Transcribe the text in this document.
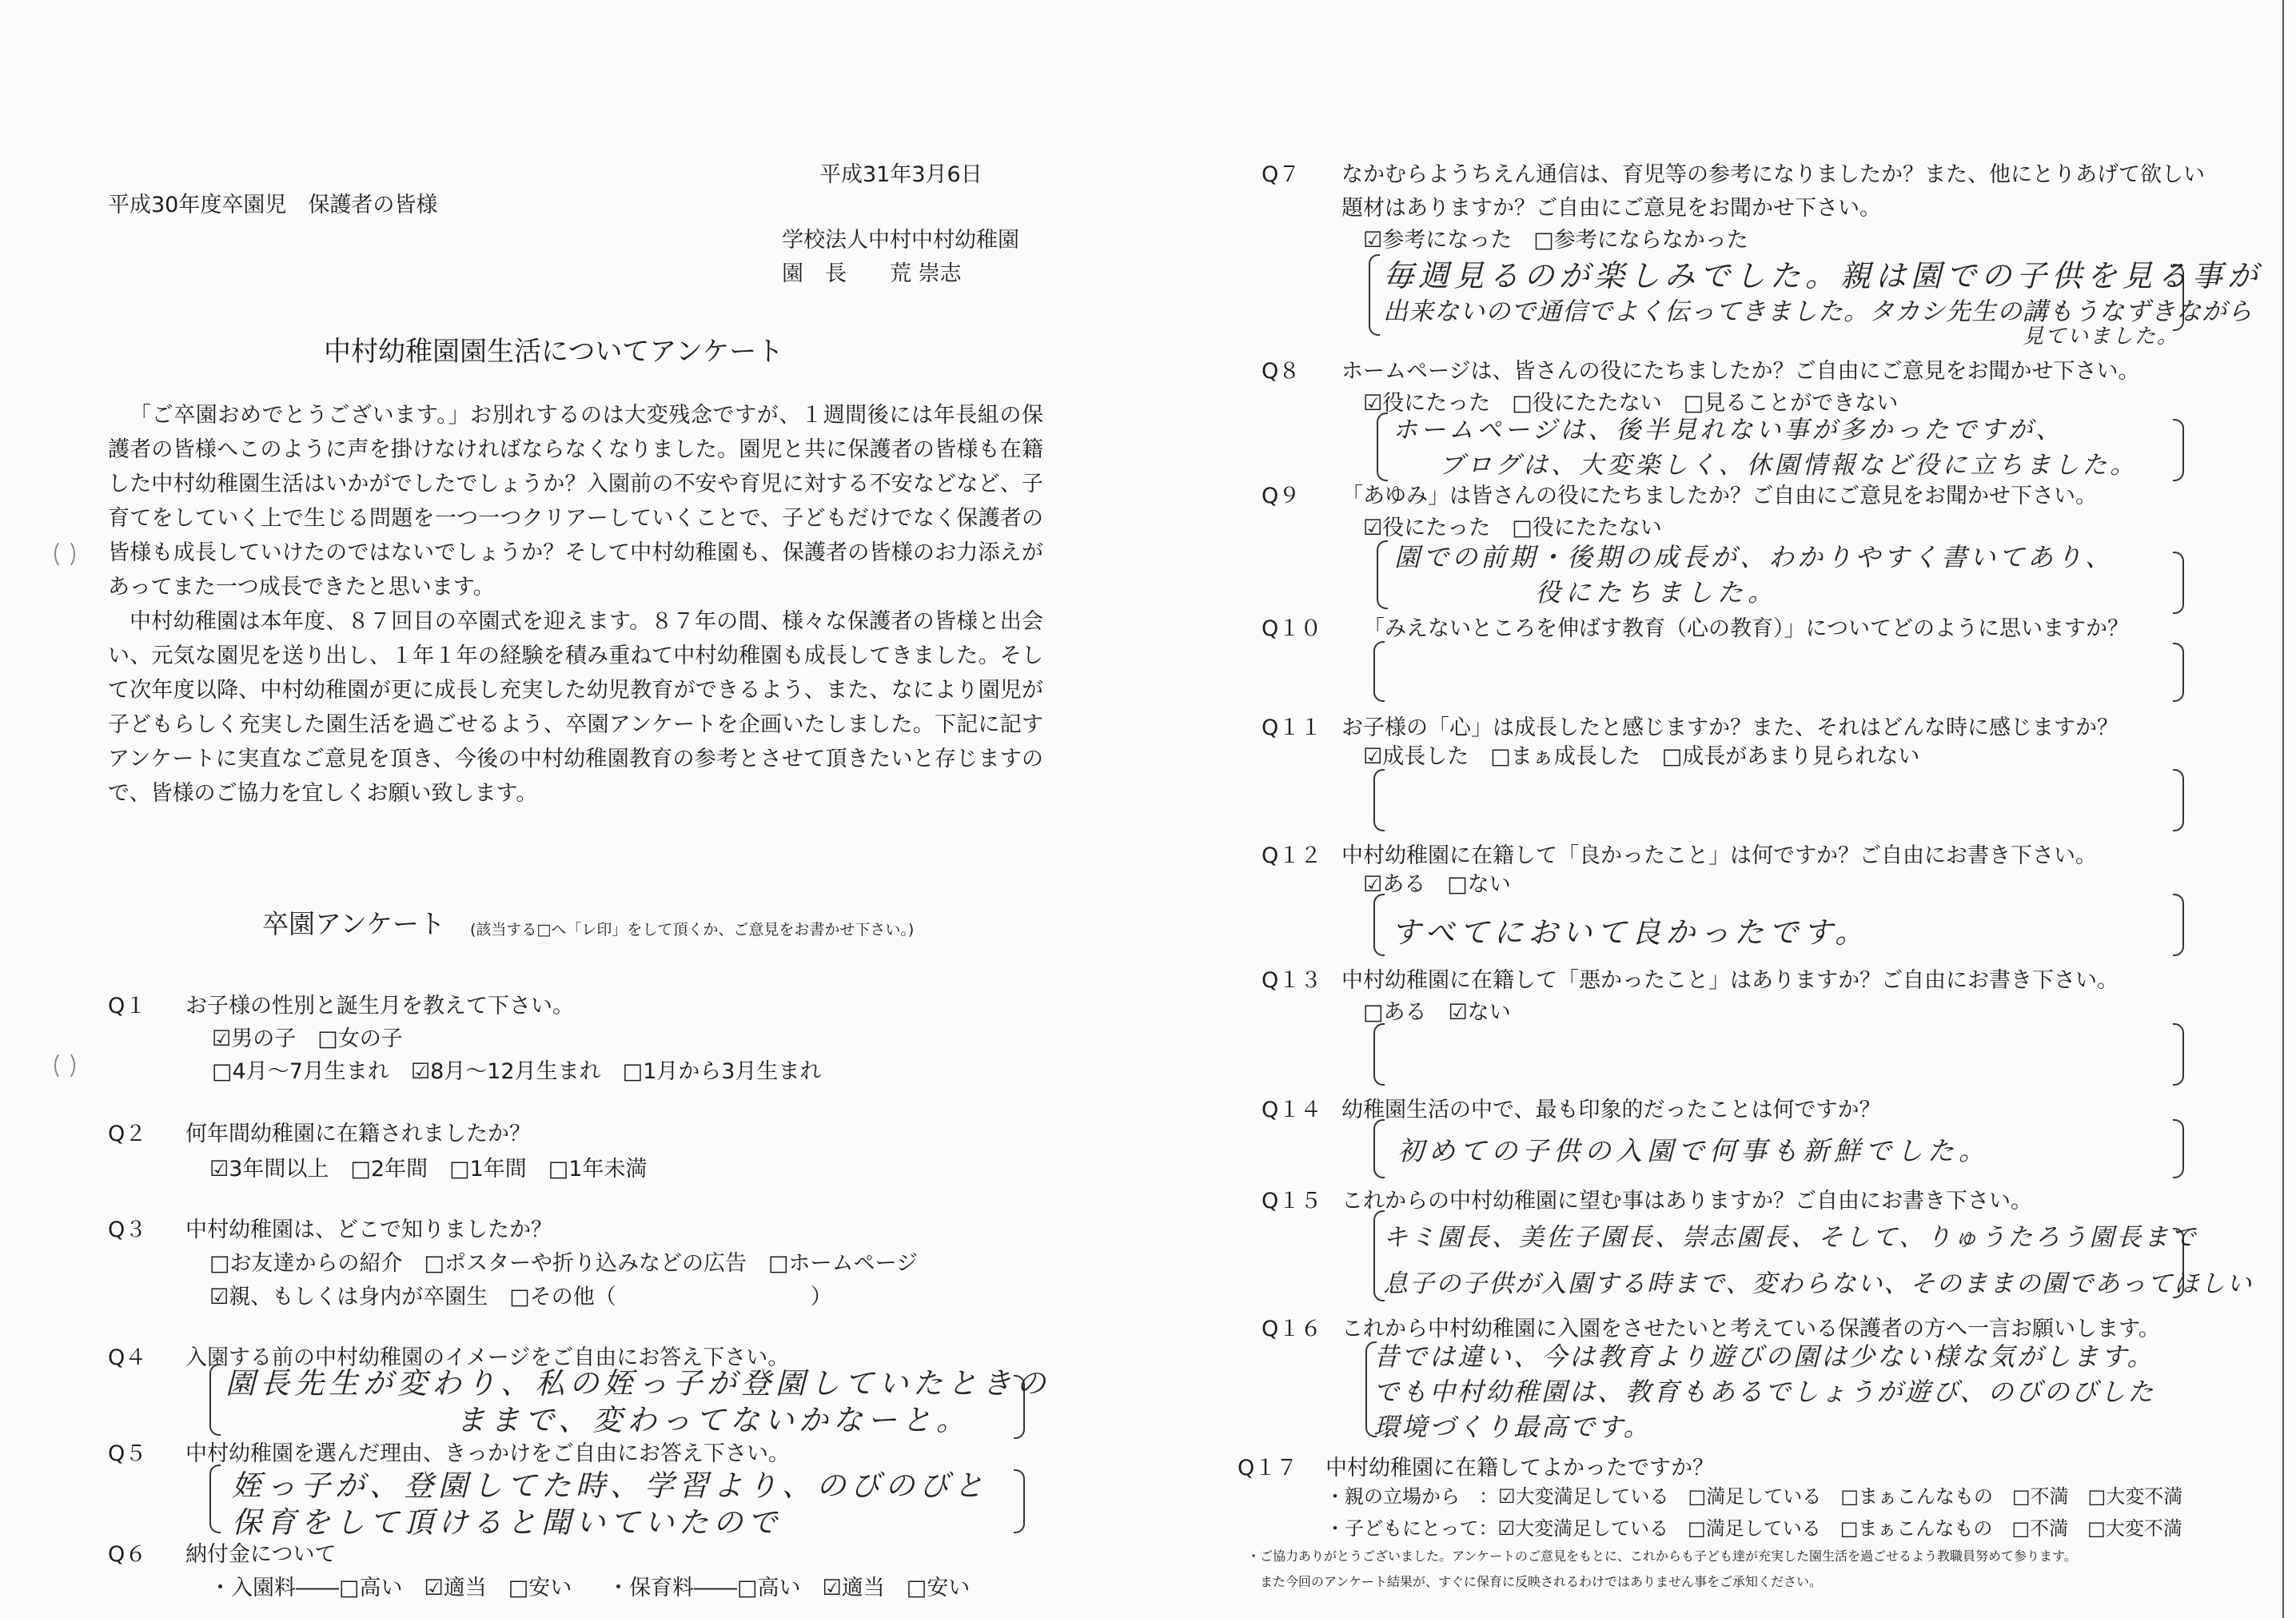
平成31年3月6日
平成30年度卒園児　保護者の皆様
学校法人中村中村幼稚園
園　長　　荒 崇志
中村幼稚園園生活についてアンケート

「ご卒園おめでとうございます。」お別れするのは大変残念ですが、１週間後には年長組の保護者の皆様へこのように声を掛けなければならなくなりました。園児と共に保護者の皆様も在籍した中村幼稚園生活はいかがでしたでしょうか？入園前の不安や育児に対する不安などなど、子育てをしていく上で生じる問題を一つ一つクリアーしていくことで、子どもだけでなく保護者の皆様も成長していけたのではないでしょうか？そして中村幼稚園も、保護者の皆様のお力添えがあってまた一つ成長できたと思います。

中村幼稚園は本年度、８７回目の卒園式を迎えます。８７年の間、様々な保護者の皆様と出会い、元気な園児を送り出し、１年１年の経験を積み重ねて中村幼稚園も成長してきました。そして次年度以降、中村幼稚園が更に成長し充実した幼児教育ができるよう、また、なにより園児が子どもらしく充実した園生活を過ごせるよう、卒園アンケートを企画いたしました。下記に記すアンケートに実直なご意見を頂き、今後の中村幼稚園教育の参考とさせて頂きたいと存じますので、皆様のご協力を宜しくお願い致します。

卒園アンケート (該当する□へ「レ印」をして頂くか、ご意見をお書かせ下さい。)
Q１ お子様の性別と誕生月を教えて下さい。
☑男の子　□女の子
□4月～7月生まれ　☑8月～12月生まれ　□1月から3月生まれ
Q２ 何年間幼稚園に在籍されましたか？
☑3年間以上　□2年間　□1年間　□1年未満
Q３ 中村幼稚園は、どこで知りましたか？
□お友達からの紹介　□ポスターや折り込みなどの広告　□ホームページ
☑親、もしくは身内が卒園生　□その他（　　　　　　　　　）
Q４ 入園する前の中村幼稚園のイメージをご自由にお答え下さい。
園長先生が変わり、私の姪っ子が登園していたときの
ままで、変わってないかなーと。
Q５ 中村幼稚園を選んだ理由、きっかけをご自由にお答え下さい。
姪っ子が、登園してた時、学習より、のびのびと
保育をして頂けると聞いていたので
Q６ 納付金について
・入園料――□高い　☑適当　□安い ・保育料――□高い　☑適当　□安い
Q７ なかむらようちえん通信は、育児等の参考になりましたか？また、他にとりあげて欲しい
題材はありますか？ご自由にご意見をお聞かせ下さい。
☑参考になった　□参考にならなかった
毎週見るのが楽しみでした。親は園での子供を見る事が
出来ないので通信でよく伝ってきました。タカシ先生の講もうなずきながら
見ていました。
Q８ ホームページは、皆さんの役にたちましたか？ご自由にご意見をお聞かせ下さい。
☑役にたった　□役にたたない　□見ることができない
ホームページは、後半見れない事が多かったですが、
ブログは、大変楽しく、休園情報など役に立ちました。
Q９ 「あゆみ」は皆さんの役にたちましたか？ご自由にご意見をお聞かせ下さい。
☑役にたった　□役にたたない
園での前期・後期の成長が、わかりやすく書いてあり、
役にたちました。
Q１０ 「みえないところを伸ばす教育（心の教育）」についてどのように思いますか？
Q１１ お子様の「心」は成長したと感じますか？また、それはどんな時に感じますか？
☑成長した　□まぁ成長した　□成長があまり見られない
Q１２ 中村幼稚園に在籍して「良かったこと」は何ですか？ご自由にお書き下さい。
☑ある　□ない
すべてにおいて良かったです。
Q１３ 中村幼稚園に在籍して「悪かったこと」はありますか？ご自由にお書き下さい。
□ある　☑ない
Q１４ 幼稚園生活の中で、最も印象的だったことは何ですか？
初めての子供の入園で何事も新鮮でした。
Q１５ これからの中村幼稚園に望む事はありますか？ご自由にお書き下さい。
キミ園長、美佐子園長、崇志園長、そして、りゅうたろう園長まで
息子の子供が入園する時まで、変わらない、そのままの園であってほしい
Q１６ これから中村幼稚園に入園をさせたいと考えている保護者の方へ一言お願いします。
昔では違い、今は教育より遊びの園は少ない様な気がします。
でも中村幼稚園は、教育もあるでしょうが遊び、のびのびした
環境づくり最高です。
Q１７ 中村幼稚園に在籍してよかったですか？
・親の立場から　：☑大変満足している　□満足している　□まぁこんなもの　□不満　□大変不満
・子どもにとって：☑大変満足している　□満足している　□まぁこんなもの　□不満　□大変不満
・ご協力ありがとうございました。アンケートのご意見をもとに、これからも子ども達が充実した園生活を過ごせるよう教職員努めて参ります。
また今回のアンケート結果が、すぐに保育に反映されるわけではありません事をご承知ください。
